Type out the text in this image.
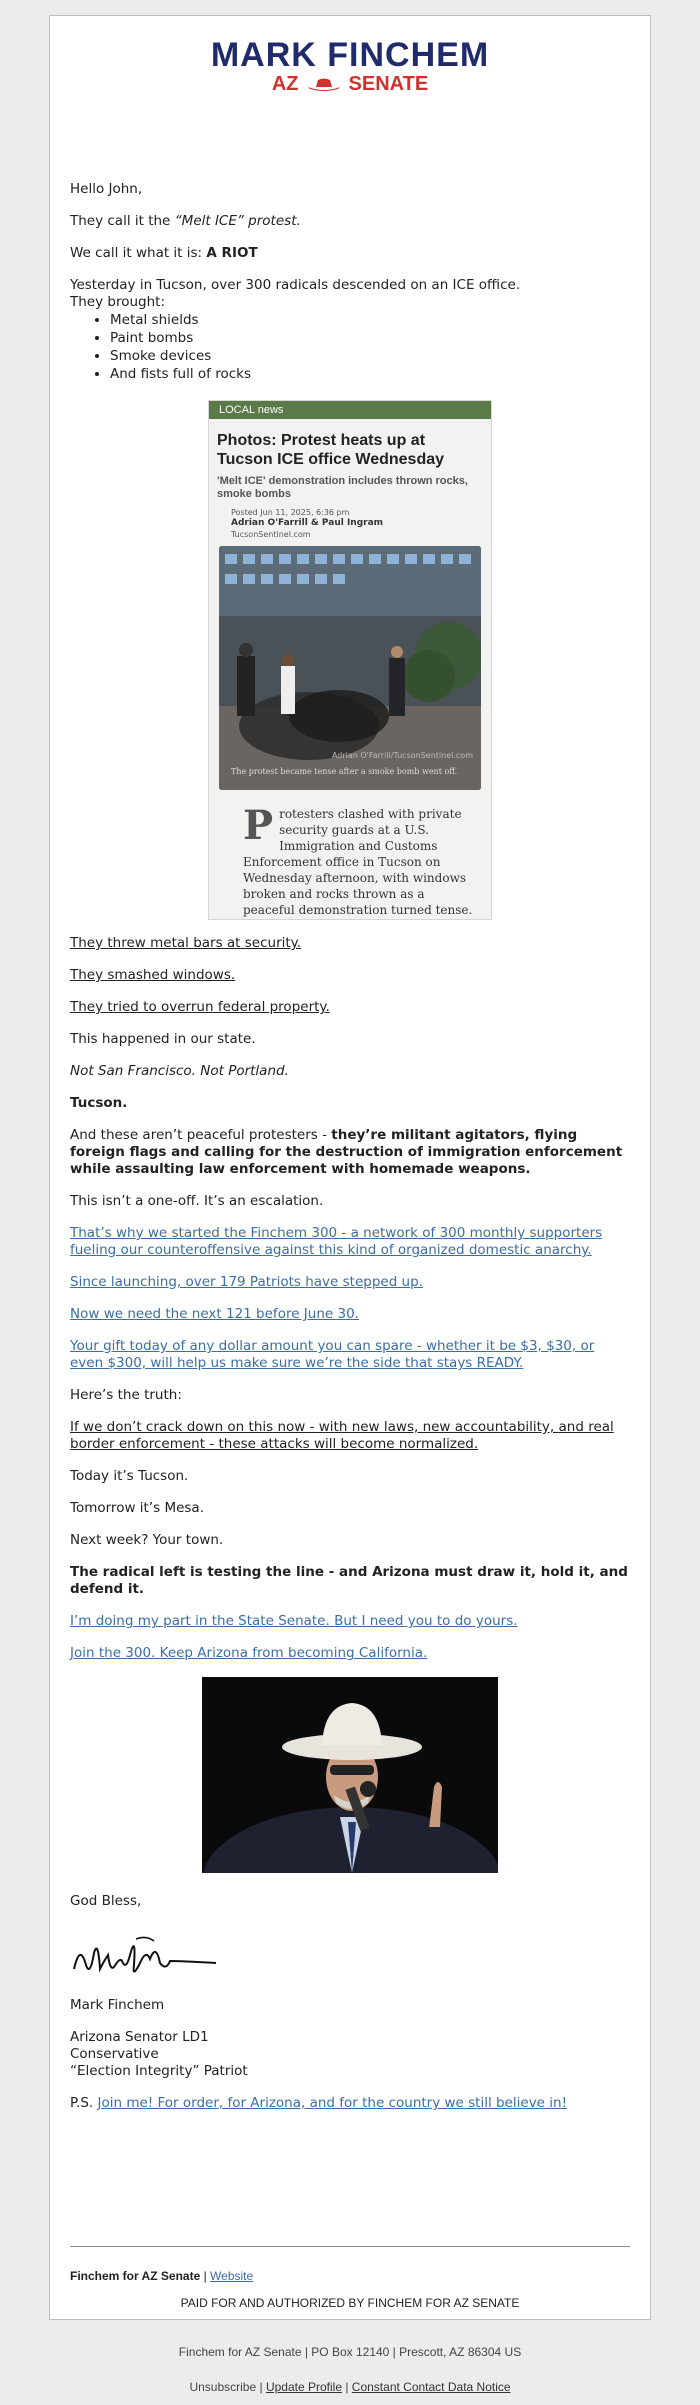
MARK FINCHEM
AZ	SENATE

Hello John,

They call it the “Melt ICE” protest.

We call it what it is: A RIOT

Yesterday in Tucson, over 300 radicals descended on an ICE office.

They brought:

• Metal shields
• Paint bombs
• Smoke devices
• And fists full of rocks
LOCAL news
Photos: Protest heats up at Tucson ICE office Wednesday
'Melt ICE' demonstration includes thrown rocks, smoke bombs
Posted Jun 11, 2025, 6:36 pm
Adrian O'Farrill & Paul Ingram
TucsonSentinel.com
Adrian O'Farrill/TucsonSentinel.com
The protest became tense after a smoke bomb went off.
Protesters clashed with private security guards at a U.S. Immigration and Customs Enforcement office in Tucson on Wednesday afternoon, with windows broken and rocks thrown as a peaceful demonstration turned tense.

They threw metal bars at security.

They smashed windows.

They tried to overrun federal property.

This happened in our state.

Not San Francisco. Not Portland.

Tucson.

And these aren’t peaceful protesters - they’re militant agitators, flying foreign flags and calling for the destruction of immigration enforcement while assaulting law enforcement with homemade weapons.

This isn’t a one-off. It’s an escalation.

That’s why we started the Finchem 300 - a network of 300 monthly supporters fueling our counteroffensive against this kind of organized domestic anarchy.

Since launching, over 179 Patriots have stepped up.

Now we need the next 121 before June 30.

Your gift today of any dollar amount you can spare - whether it be $3, $30, or even $300, will help us make sure we’re the side that stays READY.

Here’s the truth:

If we don’t crack down on this now - with new laws, new accountability, and real border enforcement - these attacks will become normalized.

Today it’s Tucson.

Tomorrow it’s Mesa.

Next week? Your town.

The radical left is testing the line - and Arizona must draw it, hold it, and defend it.

I’m doing my part in the State Senate. But I need you to do yours.

Join the 300. Keep Arizona from becoming California.

God Bless,

Mark Finchem

Arizona Senator LD1

Conservative

“Election Integrity” Patriot

P.S. Join me! For order, for Arizona, and for the country we still believe in!

Finchem for AZ Senate | Website
PAID FOR AND AUTHORIZED BY FINCHEM FOR AZ SENATE
Finchem for AZ Senate | PO Box 12140 | Prescott, AZ 86304 US
Unsubscribe | Update Profile | Constant Contact Data Notice
